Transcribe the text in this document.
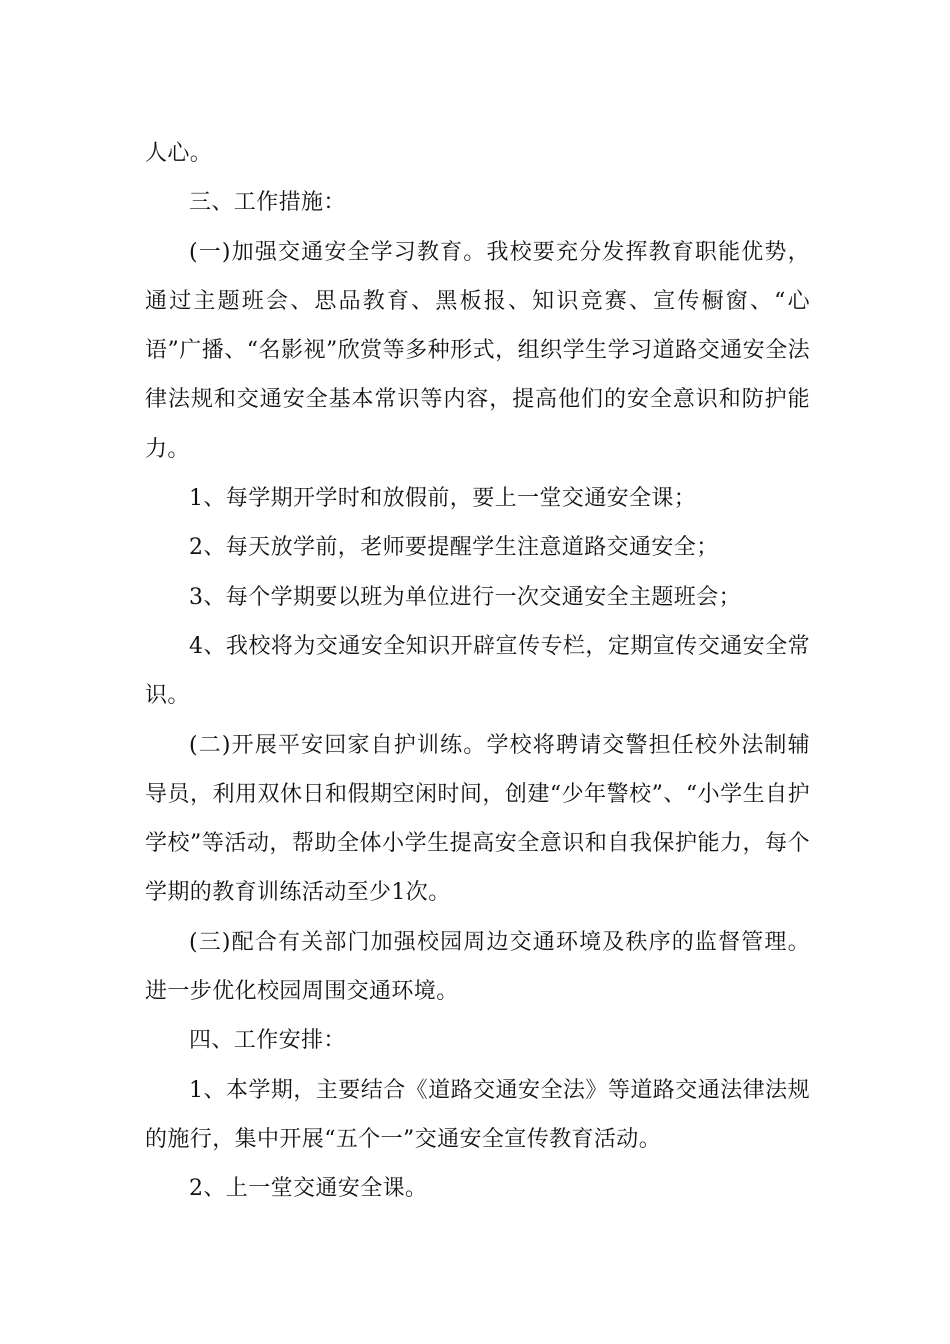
人心。

三、工作措施：

(一)加强交通安全学习教育。我校要充分发挥教育职能优势，通过主题班会、思品教育、黑板报、知识竞赛、宣传橱窗、“心语”广播、“名影视”欣赏等多种形式，组织学生学习道路交通安全法律法规和交通安全基本常识等内容，提高他们的安全意识和防护能力。

1、每学期开学时和放假前，要上一堂交通安全课；

2、每天放学前，老师要提醒学生注意道路交通安全；

3、每个学期要以班为单位进行一次交通安全主题班会；

4、我校将为交通安全知识开辟宣传专栏，定期宣传交通安全常识。

(二)开展平安回家自护训练。学校将聘请交警担任校外法制辅导员，利用双休日和假期空闲时间，创建“少年警校”、“小学生自护学校”等活动，帮助全体小学生提高安全意识和自我保护能力，每个学期的教育训练活动至少1次。

(三)配合有关部门加强校园周边交通环境及秩序的监督管理。进一步优化校园周围交通环境。

四、工作安排：

1、本学期，主要结合《道路交通安全法》等道路交通法律法规的施行，集中开展“五个一”交通安全宣传教育活动。

2、上一堂交通安全课。
